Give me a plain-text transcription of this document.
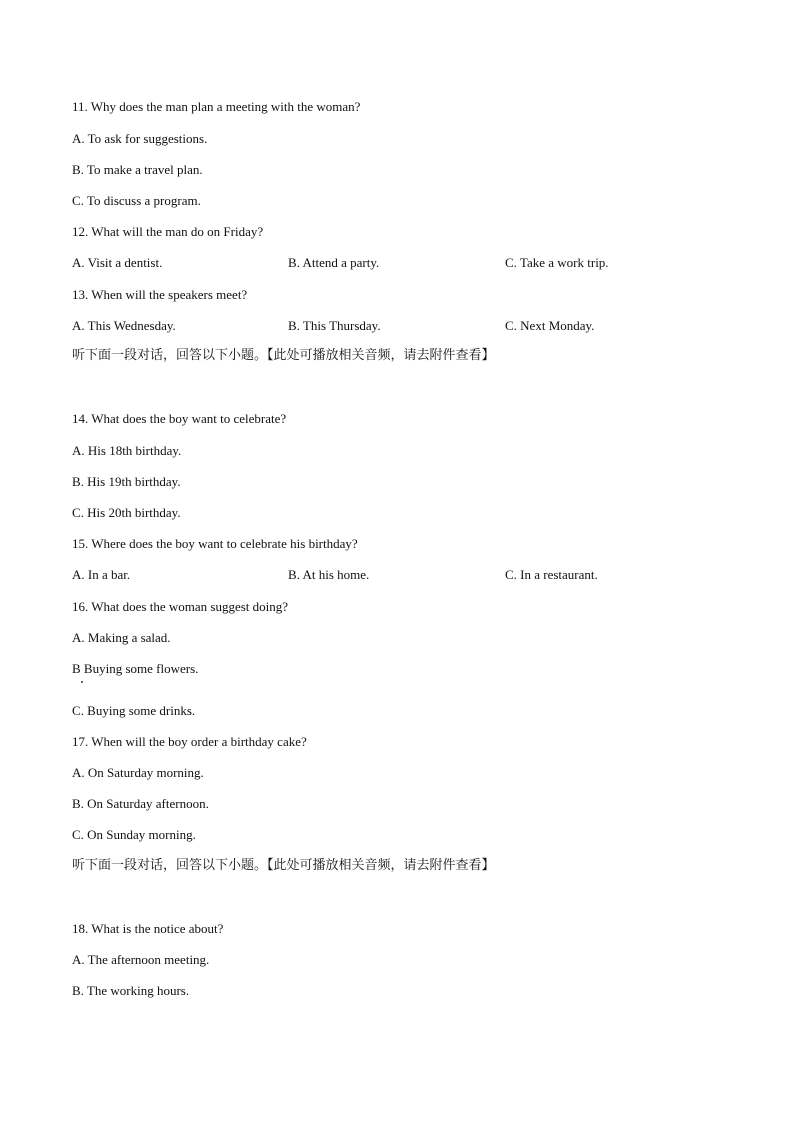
11. Why does the man plan a meeting with the woman?
A. To ask for suggestions.
B. To make a travel plan.
C. To discuss a program.
12. What will the man do on Friday?
A. Visit a dentist.	B. Attend a party.	C. Take a work trip.
13. When will the speakers meet?
A. This Wednesday.	B. This Thursday.	C. Next Monday.
听下面一段对话，回答以下小题。【此处可播放相关音频，请去附件查看】
14. What does the boy want to celebrate?
A. His 18th birthday.
B. His 19th birthday.
C. His 20th birthday.
15. Where does the boy want to celebrate his birthday?
A. In a bar.	B. At his home.	C. In a restaurant.
16. What does the woman suggest doing?
A. Making a salad.
B Buying some flowers.
C. Buying some drinks.
17. When will the boy order a birthday cake?
A. On Saturday morning.
B. On Saturday afternoon.
C. On Sunday morning.
听下面一段对话，回答以下小题。【此处可播放相关音频，请去附件查看】
18. What is the notice about?
A. The afternoon meeting.
B. The working hours.
